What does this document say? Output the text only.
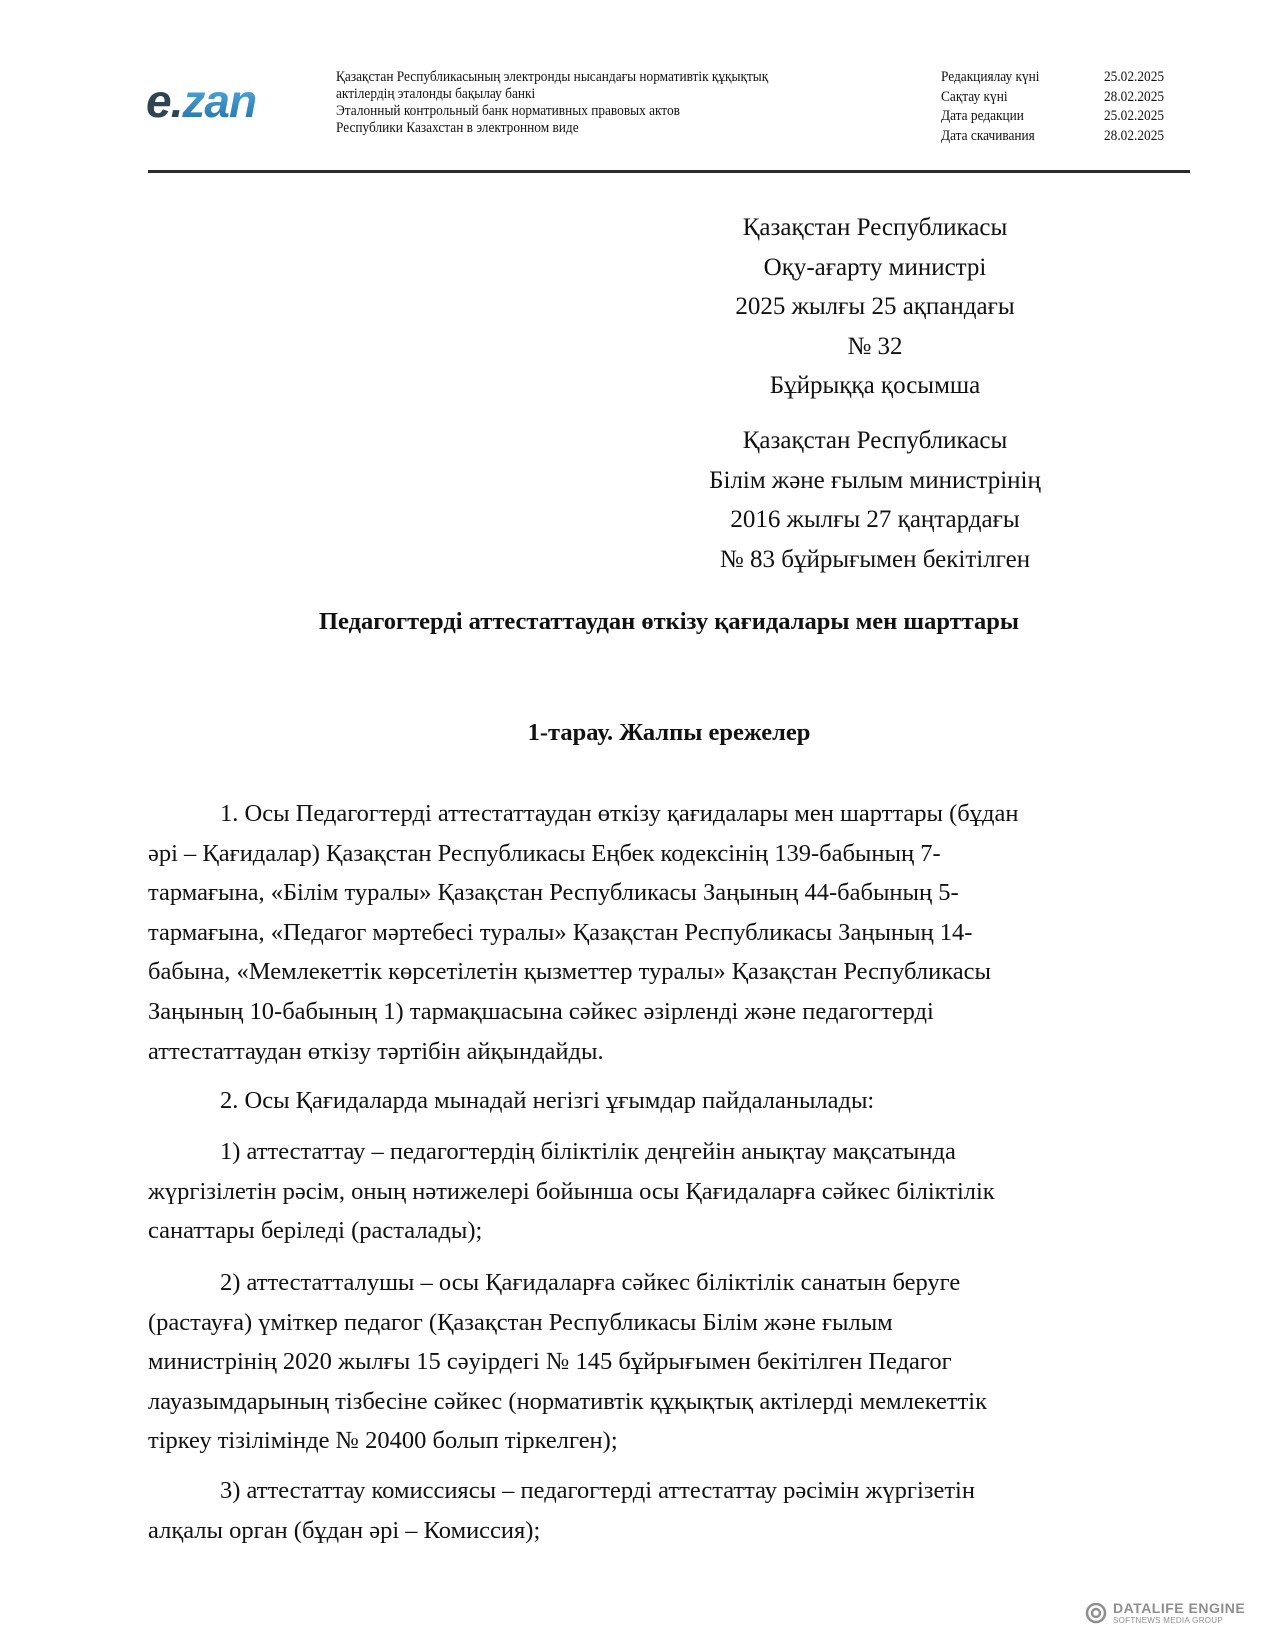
e.zan	Қазақстан Республикасының электронды нысандағы нормативтік құқықтық
актілердің эталонды бақылау банкі
Эталонный контрольный банк нормативных правовых актов
Республики Казахстан в электронном виде
Редакциялау күні	25.02.2025
Сақтау күні	28.02.2025
Дата редакции	25.02.2025
Дата скачивания	28.02.2025
Қазақстан Республикасы
Оқу-ағарту министрі
2025 жылғы 25 ақпандағы
№ 32
Бұйрыққа қосымша
Қазақстан Республикасы
Білім және ғылым министрінің
2016 жылғы 27 қаңтардағы
№ 83 бұйрығымен бекітілген
Педагогтерді аттестаттаудан өткізу қағидалары мен шарттары
1-тарау. Жалпы ережелер
1. Осы Педагогтерді аттестаттаудан өткізу қағидалары мен шарттары (бұдан
әрі – Қағидалар) Қазақстан Республикасы Еңбек кодексінің 139-бабының 7-
тармағына, «Білім туралы» Қазақстан Республикасы Заңының 44-бабының 5-
тармағына, «Педагог мәртебесі туралы» Қазақстан Республикасы Заңының 14-
бабына, «Мемлекеттік көрсетілетін қызметтер туралы» Қазақстан Республикасы
Заңының 10-бабының 1) тармақшасына сәйкес әзірленді және педагогтерді
аттестаттаудан өткізу тәртібін айқындайды.
2. Осы Қағидаларда мынадай негізгі ұғымдар пайдаланылады:
1) аттестаттау – педагогтердің біліктілік деңгейін анықтау мақсатында
жүргізілетін рәсім, оның нәтижелері бойынша осы Қағидаларға сәйкес біліктілік
санаттары беріледі (расталады);
2) аттестатталушы – осы Қағидаларға сәйкес біліктілік санатын беруге
(растауға) үміткер педагог (Қазақстан Республикасы Білім және ғылым
министрінің 2020 жылғы 15 сәуірдегі № 145 бұйрығымен бекітілген Педагог
лауазымдарының тізбесіне сәйкес (нормативтік құқықтық актілерді мемлекеттік
тіркеу тізілімінде № 20400 болып тіркелген);
3) аттестаттау комиссиясы – педагогтерді аттестаттау рәсімін жүргізетін
алқалы орган (бұдан әрі – Комиссия);
DATALIFE ENGINE
SOFTNEWS MEDIA GROUP
